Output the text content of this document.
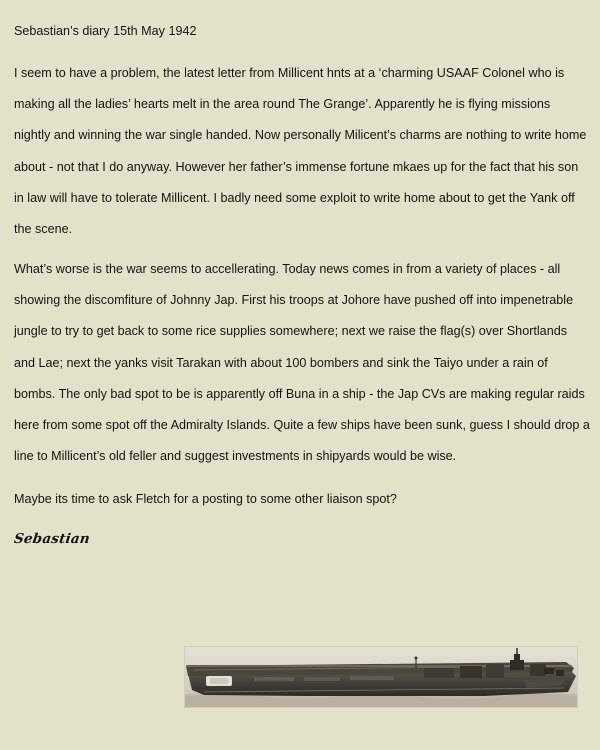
Sebastian’s diary 15th May 1942

I seem to have a problem, the latest letter from Millicent hnts at a ‘charming USAAF Colonel who is making all the ladies’ hearts melt in the area round The Grange’. Apparently he is flying missions nightly and winning the war single handed. Now personally Milicent’s charms are nothing to write home about - not that I do anyway. However her father’s immense fortune mkaes up for the fact that his son in law will have to tolerate Millicent. I badly need some exploit to write home about to get the Yank off the scene.

What’s worse is the war seems to accellerating. Today news comes in from a variety of places - all showing the discomfiture of Johnny Jap. First his troops at Johore have pushed off into impenetrable jungle to try to get back to some rice supplies somewhere; next we raise the flag(s) over Shortlands and Lae; next the yanks visit Tarakan with about 100 bombers and sink the Taiyo under a rain of bombs. The only bad spot to be is apparently off Buna in a ship - the Jap CVs are making regular raids here from some spot off the Admiralty Islands. Quite a few ships have been sunk, guess I should drop a line to Millicent’s old feller and suggest investments in shipyards would be wise.

Maybe its time to ask Fletch for a posting to some other liaison spot?

Sebastian
